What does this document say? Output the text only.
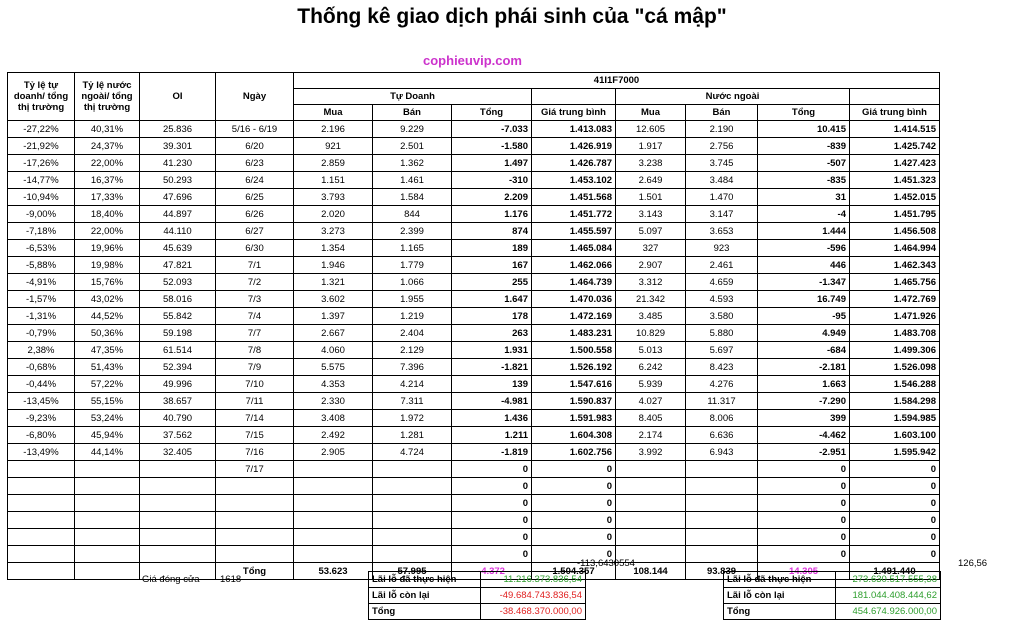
Thống kê giao dịch phái sinh của "cá mập"
cophieuvip.com
Tỷ lệ tự doanh/ tổng thị trường	Tỷ lệ nước ngoài/ tổng thị trường	OI	Ngày	41I1F7000							
				Tự Doanh				Nước ngoài			
				Mua	Bán	Tổng	Giá trung bình	Mua	Bán	Tổng	Giá trung bình
-27,22%	40,31%	25.836	5/16 - 6/19	2.196	9.229	-7.033	1.413.083	12.605	2.190	10.415	1.414.515
-21,92%	24,37%	39.301	6/20	921	2.501	-1.580	1.426.919	1.917	2.756	-839	1.425.742
-17,26%	22,00%	41.230	6/23	2.859	1.362	1.497	1.426.787	3.238	3.745	-507	1.427.423
-14,77%	16,37%	50.293	6/24	1.151	1.461	-310	1.453.102	2.649	3.484	-835	1.451.323
-10,94%	17,33%	47.696	6/25	3.793	1.584	2.209	1.451.568	1.501	1.470	31	1.452.015
-9,00%	18,40%	44.897	6/26	2.020	844	1.176	1.451.772	3.143	3.147	-4	1.451.795
-7,18%	22,00%	44.110	6/27	3.273	2.399	874	1.455.597	5.097	3.653	1.444	1.456.508
-6,53%	19,96%	45.639	6/30	1.354	1.165	189	1.465.084	327	923	-596	1.464.994
-5,88%	19,98%	47.821	7/1	1.946	1.779	167	1.462.066	2.907	2.461	446	1.462.343
-4,91%	15,76%	52.093	7/2	1.321	1.066	255	1.464.739	3.312	4.659	-1.347	1.465.756
-1,57%	43,02%	58.016	7/3	3.602	1.955	1.647	1.470.036	21.342	4.593	16.749	1.472.769
-1,31%	44,52%	55.842	7/4	1.397	1.219	178	1.472.169	3.485	3.580	-95	1.471.926
-0,79%	50,36%	59.198	7/7	2.667	2.404	263	1.483.231	10.829	5.880	4.949	1.483.708
2,38%	47,35%	61.514	7/8	4.060	2.129	1.931	1.500.558	5.013	5.697	-684	1.499.306
-0,68%	51,43%	52.394	7/9	5.575	7.396	-1.821	1.526.192	6.242	8.423	-2.181	1.526.098
-0,44%	57,22%	49.996	7/10	4.353	4.214	139	1.547.616	5.939	4.276	1.663	1.546.288
-13,45%	55,15%	38.657	7/11	2.330	7.311	-4.981	1.590.837	4.027	11.317	-7.290	1.584.298
-9,23%	53,24%	40.790	7/14	3.408	1.972	1.436	1.591.983	8.405	8.006	399	1.594.985
-6,80%	45,94%	37.562	7/15	2.492	1.281	1.211	1.604.308	2.174	6.636	-4.462	1.603.100
-13,49%	44,14%	32.405	7/16	2.905	4.724	-1.819	1.602.756	3.992	6.943	-2.951	1.595.942
			7/17			0	0			0	0
						0	0			0	0
						0	0			0	0
						0	0			0	0
						0	0			0	0
						0	0			0	0
			Tổng	53.623	57.995	-4.372	1.504.357	108.144	93.839	14.305	1.491.440
-113,6430554	126,56
Giá đóng cửa 1618	Lãi lỗ đã thực hiện	11.216.373.836,54
Lãi lỗ còn lại	-49.684.743.836,54
Tổng	-38.468.370.000,00
Lãi lỗ đã thực hiện	273.630.517.555,38
Lãi lỗ còn lại	181.044.408.444,62
Tổng	454.674.926.000,00
